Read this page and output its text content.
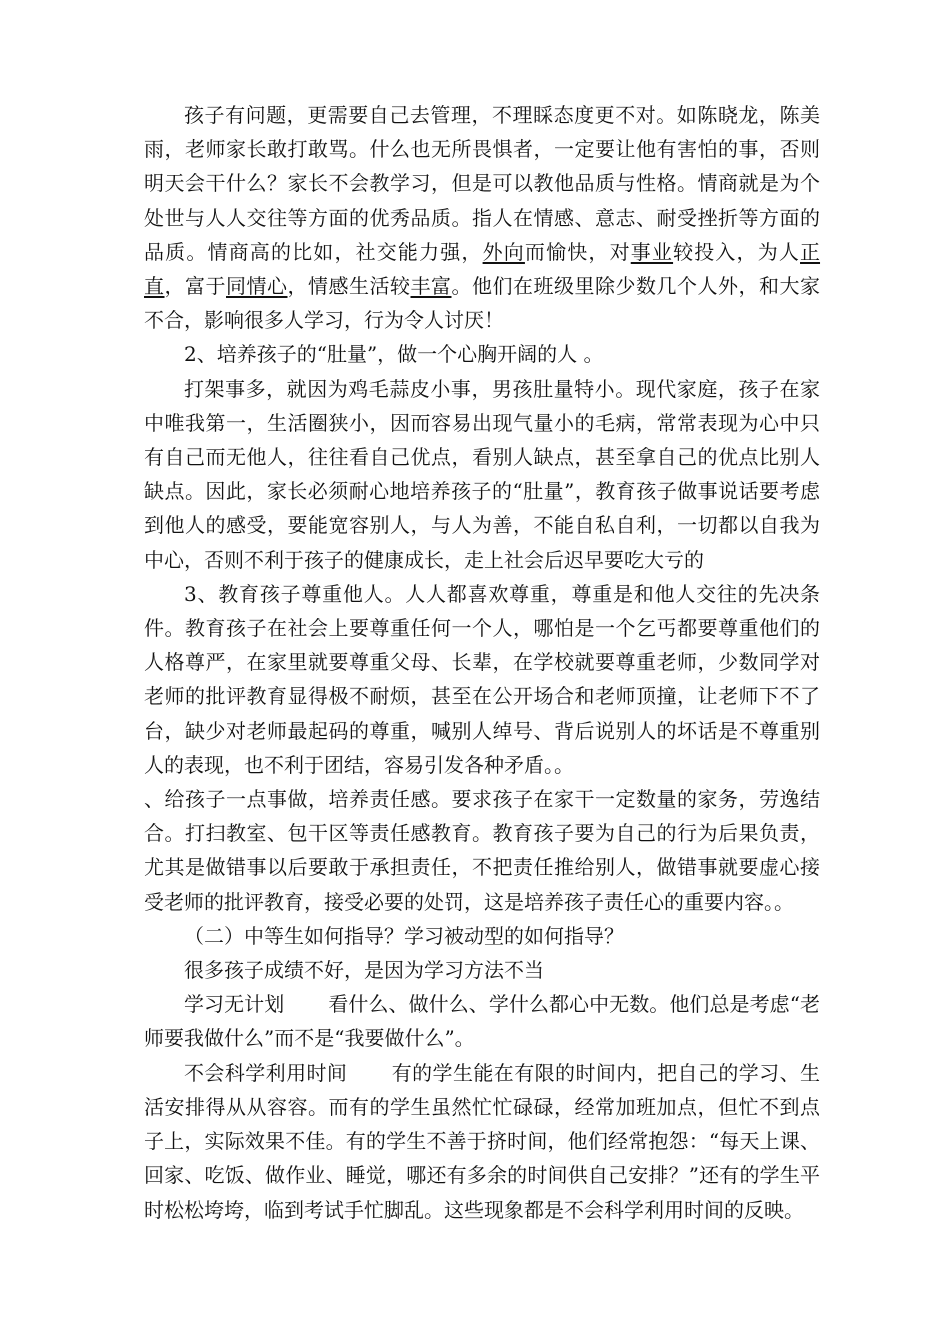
孩子有问题，更需要自己去管理，不理睬态度更不对。如陈晓龙，陈美雨，老师家长敢打敢骂。什么也无所畏惧者，一定要让他有害怕的事，否则明天会干什么？家长不会教学习，但是可以教他品质与性格。情商就是为个处世与人人交往等方面的优秀品质。指人在情感、意志、耐受挫折等方面的品质。情商高的比如，社交能力强，外向而愉快，对事业较投入，为人正直，富于同情心，情感生活较丰富。他们在班级里除少数几个人外，和大家不合，影响很多人学习，行为令人讨厌！

2、培养孩子的“肚量”，做一个心胸开阔的人 。

打架事多，就因为鸡毛蒜皮小事，男孩肚量特小。现代家庭，孩子在家中唯我第一，生活圈狭小，因而容易出现气量小的毛病，常常表现为心中只有自己而无他人，往往看自己优点，看别人缺点，甚至拿自己的优点比别人缺点。因此，家长必须耐心地培养孩子的“肚量”，教育孩子做事说话要考虑到他人的感受，要能宽容别人，与人为善，不能自私自利，一切都以自我为中心，否则不利于孩子的健康成长，走上社会后迟早要吃大亏的

3、教育孩子尊重他人。人人都喜欢尊重，尊重是和他人交往的先决条件。教育孩子在社会上要尊重任何一个人，哪怕是一个乞丐都要尊重他们的人格尊严，在家里就要尊重父母、长辈，在学校就要尊重老师，少数同学对老师的批评教育显得极不耐烦，甚至在公开场合和老师顶撞，让老师下不了台，缺少对老师最起码的尊重，喊别人绰号、背后说别人的坏话是不尊重别人的表现，也不利于团结，容易引发各种矛盾。。

、给孩子一点事做，培养责任感。要求孩子在家干一定数量的家务，劳逸结合。打扫教室、包干区等责任感教育。教育孩子要为自己的行为后果负责，尤其是做错事以后要敢于承担责任，不把责任推给别人，做错事就要虚心接受老师的批评教育，接受必要的处罚，这是培养孩子责任心的重要内容。。

（二）中等生如何指导？学习被动型的如何指导？

很多孩子成绩不好，是因为学习方法不当

学习无计划 看什么、做什么、学什么都心中无数。他们总是考虑“老师要我做什么”而不是“我要做什么”。

不会科学利用时间 有的学生能在有限的时间内，把自己的学习、生活安排得从从容容。而有的学生虽然忙忙碌碌，经常加班加点，但忙不到点子上，实际效果不佳。有的学生不善于挤时间，他们经常抱怨：“每天上课、回家、吃饭、做作业、睡觉，哪还有多余的时间供自己安排？”还有的学生平时松松垮垮，临到考试手忙脚乱。这些现象都是不会科学利用时间的反映。
